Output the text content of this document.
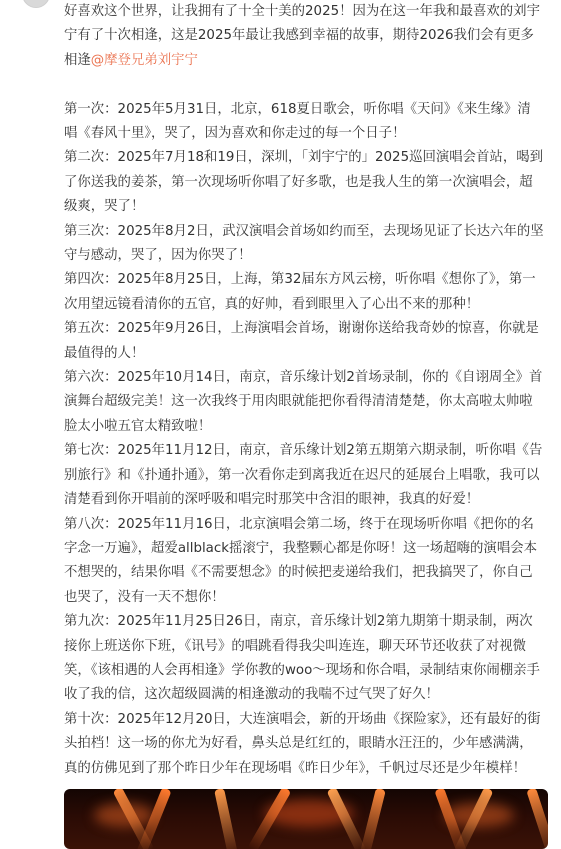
好喜欢这个世界，让我拥有了十全十美的2025！因为在这一年我和最喜欢的刘宇宁有了十次相逢，这是2025年最让我感到幸福的故事，期待2026我们会有更多相逢@摩登兄弟刘宇宁

第一次：2025年5月31日，北京，618夏日歌会，听你唱《天问》《来生缘》清唱《春风十里》，哭了，因为喜欢和你走过的每一个日子！

第二次：2025年7月18和19日，深圳，「刘宇宁的」2025巡回演唱会首站，喝到了你送我的姜茶，第一次现场听你唱了好多歌，也是我人生的第一次演唱会，超级爽，哭了！

第三次：2025年8月2日，武汉演唱会首场如约而至，去现场见证了长达六年的坚守与感动，哭了，因为你哭了！

第四次：2025年8月25日，上海，第32届东方风云榜，听你唱《想你了》，第一次用望远镜看清你的五官，真的好帅，看到眼里入了心出不来的那种！

第五次：2025年9月26日，上海演唱会首场，谢谢你送给我奇妙的惊喜，你就是最值得的人！

第六次：2025年10月14日，南京，音乐缘计划2首场录制，你的《自诩周全》首演舞台超级完美！这一次我终于用肉眼就能把你看得清清楚楚，你太高啦太帅啦脸太小啦五官太精致啦！

第七次：2025年11月12日，南京，音乐缘计划2第五期第六期录制，听你唱《告别旅行》和《扑通扑通》，第一次看你走到离我近在迟尺的延展台上唱歌，我可以清楚看到你开唱前的深呼吸和唱完时那笑中含泪的眼神，我真的好爱！

第八次：2025年11月16日，北京演唱会第二场，终于在现场听你唱《把你的名字念一万遍》，超爱allblack摇滚宁，我整颗心都是你呀！这一场超嗨的演唱会本不想哭的，结果你唱《不需要想念》的时候把麦递给我们，把我搞哭了，你自己也哭了，没有一天不想你！

第九次：2025年11月25日26日，南京，音乐缘计划2第九期第十期录制，两次接你上班送你下班，《讯号》的唱跳看得我尖叫连连，聊天环节还收获了对视微笑，《该相遇的人会再相逢》学你教的woo～现场和你合唱，录制结束你闹棚亲手收了我的信，这次超级圆满的相逢激动的我喘不过气哭了好久！

第十次：2025年12月20日，大连演唱会，新的开场曲《探险家》，还有最好的街头拍档！这一场的你尤为好看，鼻头总是红红的，眼睛水汪汪的，少年感满满，真的仿佛见到了那个昨日少年在现场唱《昨日少年》，千帆过尽还是少年模样！
